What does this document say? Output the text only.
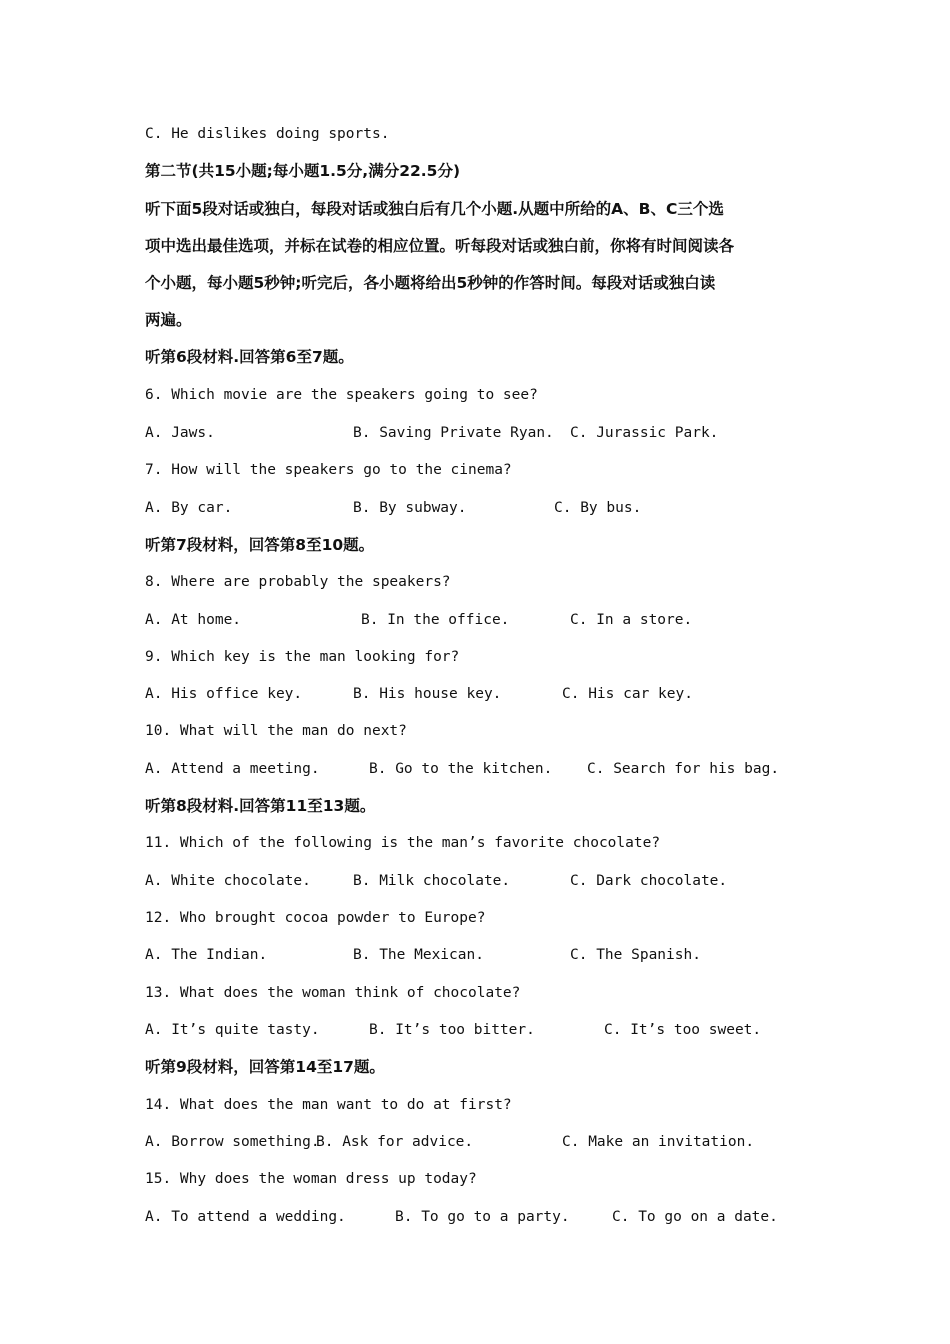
C. He dislikes doing sports.
第二节(共15小题;每小题1.5分,满分22.5分)
听下面5段对话或独白，每段对话或独白后有几个小题.从题中所给的A、B、C三个选
项中选出最佳选项，并标在试卷的相应位置。听每段对话或独白前，你将有时间阅读各
个小题，每小题5秒钟;听完后，各小题将给出5秒钟的作答时间。每段对话或独白读
两遍。
听第6段材料.回答第6至7题。
6. Which movie are the speakers going to see?
A. Jaws.	B. Saving Private Ryan. C. Jurassic Park.
7. How will the speakers go to the cinema?
A. By car.	B. By subway.	C. By bus.
听第7段材料，回答第8至10题。
8. Where are probably the speakers?
A. At home.	B. In the office.	C. In a store.
9. Which key is the man looking for?
A. His office key.	B. His house key.	C. His car key.
10. What will the man do next?
A. Attend a meeting.	B. Go to the kitchen. C. Search for his bag.
听第8段材料.回答第11至13题。
11. Which of the following is the man’s favorite chocolate?
A. White chocolate.	B. Milk chocolate.	C. Dark chocolate.
12. Who brought cocoa powder to Europe?
A. The Indian.	B. The Mexican.	C. The Spanish.
13. What does the woman think of chocolate?
A. It’s quite tasty.	B. It’s too bitter.	C. It’s too sweet.
听第9段材料，回答第14至17题。
14. What does the man want to do at first?
A. Borrow something.
B. Ask for advice.	C. Make an invitation.
15. Why does the woman dress up today?
A. To attend a wedding.	B. To go to a party.	C. To go on a date.
